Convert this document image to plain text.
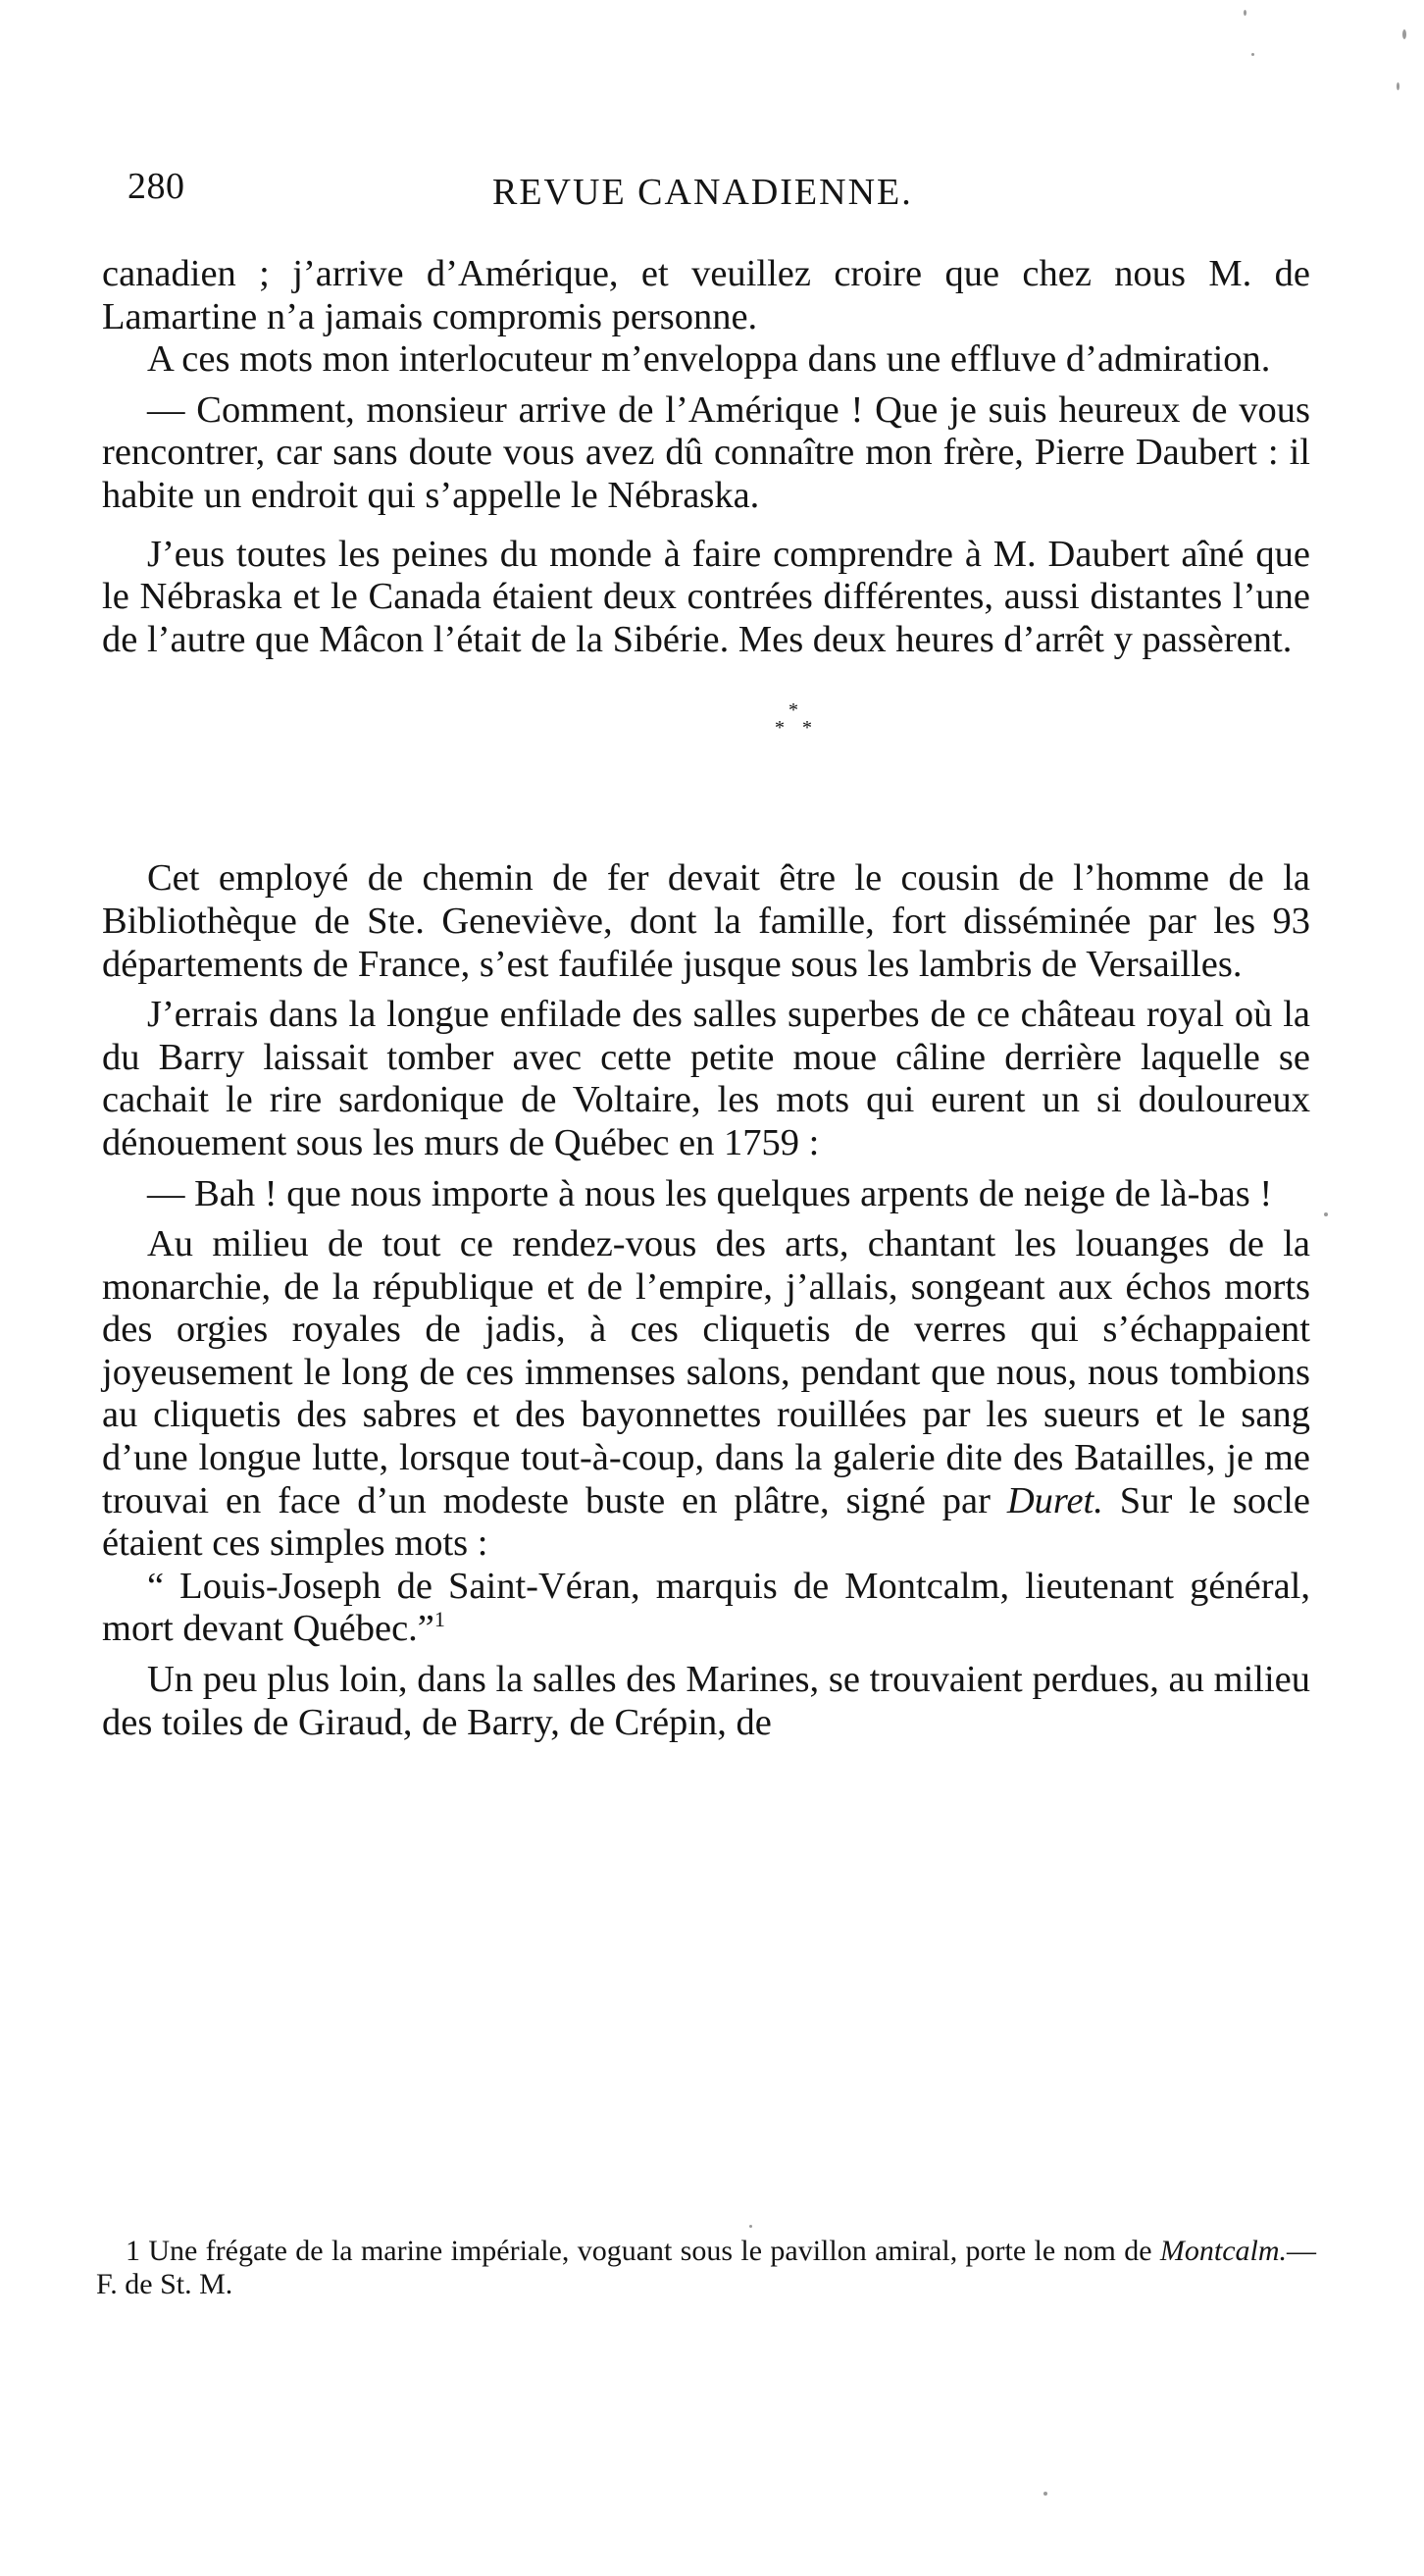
280	REVUE CANADIENNE.

canadien ; j’arrive d’Amérique, et veuillez croire que chez nous M. de Lamartine n’a jamais compromis personne.

A ces mots mon interlocuteur m’enveloppa dans une effluve d’admiration.

— Comment, monsieur arrive de l’Amérique ! Que je suis heureux de vous rencontrer, car sans doute vous avez dû connaître mon frère, Pierre Daubert : il habite un endroit qui s’appelle le Nébraska.

J’eus toutes les peines du monde à faire comprendre à M. Daubert aîné que le Nébraska et le Canada étaient deux contrées différentes, aussi distantes l’une de l’autre que Mâcon l’était de la Sibérie. Mes deux heures d’arrêt y passèrent.

*
* *

Cet employé de chemin de fer devait être le cousin de l’homme de la Bibliothèque de Ste. Geneviève, dont la famille, fort disséminée par les 93 départements de France, s’est faufilée jusque sous les lambris de Versailles.

J’errais dans la longue enfilade des salles superbes de ce château royal où la du Barry laissait tomber avec cette petite moue câline derrière laquelle se cachait le rire sardonique de Voltaire, les mots qui eurent un si douloureux dénouement sous les murs de Québec en 1759 :

— Bah ! que nous importe à nous les quelques arpents de neige de là-bas !

Au milieu de tout ce rendez-vous des arts, chantant les louanges de la monarchie, de la république et de l’empire, j’allais, songeant aux échos morts des orgies royales de jadis, à ces cliquetis de verres qui s’échappaient joyeusement le long de ces immenses salons, pendant que nous, nous tombions au cliquetis des sabres et des bayonnettes rouillées par les sueurs et le sang d’une longue lutte, lorsque tout-à-coup, dans la galerie dite des Batailles, je me trouvai en face d’un modeste buste en plâtre, signé par Duret. Sur le socle étaient ces simples mots :

“ Louis-Joseph de Saint-Véran, marquis de Montcalm, lieutenant général, mort devant Québec.”$^1$

Un peu plus loin, dans la salles des Marines, se trouvaient perdues, au milieu des toiles de Giraud, de Barry, de Crépin, de

1 Une frégate de la marine impériale, voguant sous le pavillon amiral, porte le nom de Montcalm.—F. de St. M.
